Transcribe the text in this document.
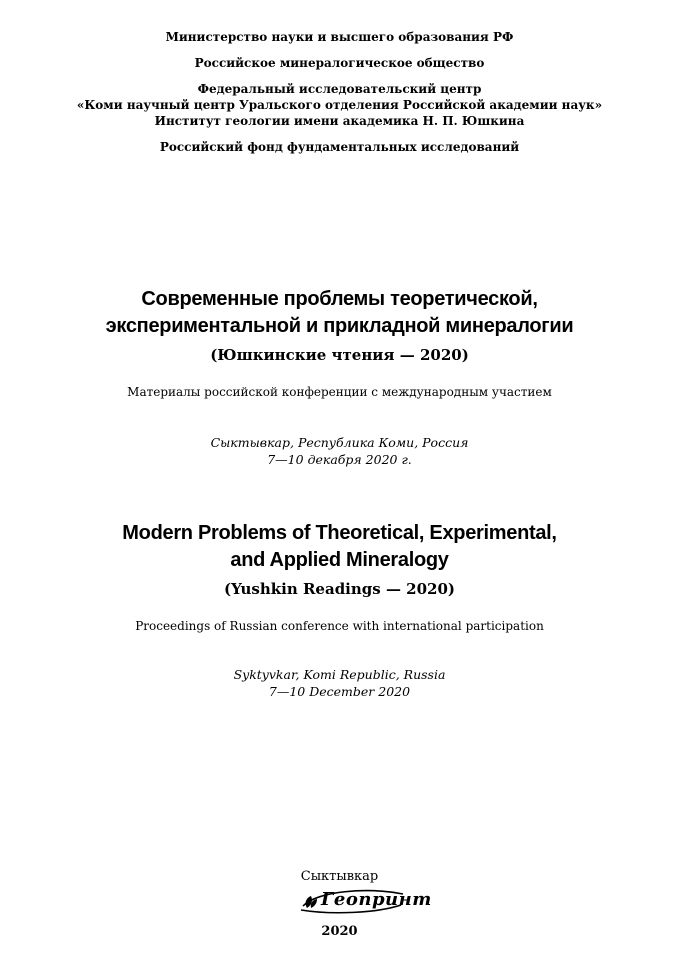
Министерство науки и высшего образования РФ
Российское минералогическое общество
Федеральный исследовательский центр
«Коми научный центр Уральского отделения Российской академии наук»
Институт геологии имени академика Н. П. Юшкина
Российский фонд фундаментальных исследований
Современные проблемы теоретической,
экспериментальной и прикладной минералогии
(Юшкинские чтения — 2020)
Материалы российской конференции с международным участием
Сыктывкар, Республика Коми, Россия
7—10 декабря 2020 г.
Modern Problems of Theoretical, Experimental,
and Applied Mineralogy
(Yushkin Readings — 2020)
Proceedings of Russian conference with international participation
Syktyvkar, Komi Republic, Russia
7—10 December 2020
Сыктывкар
Геопринт
2020
